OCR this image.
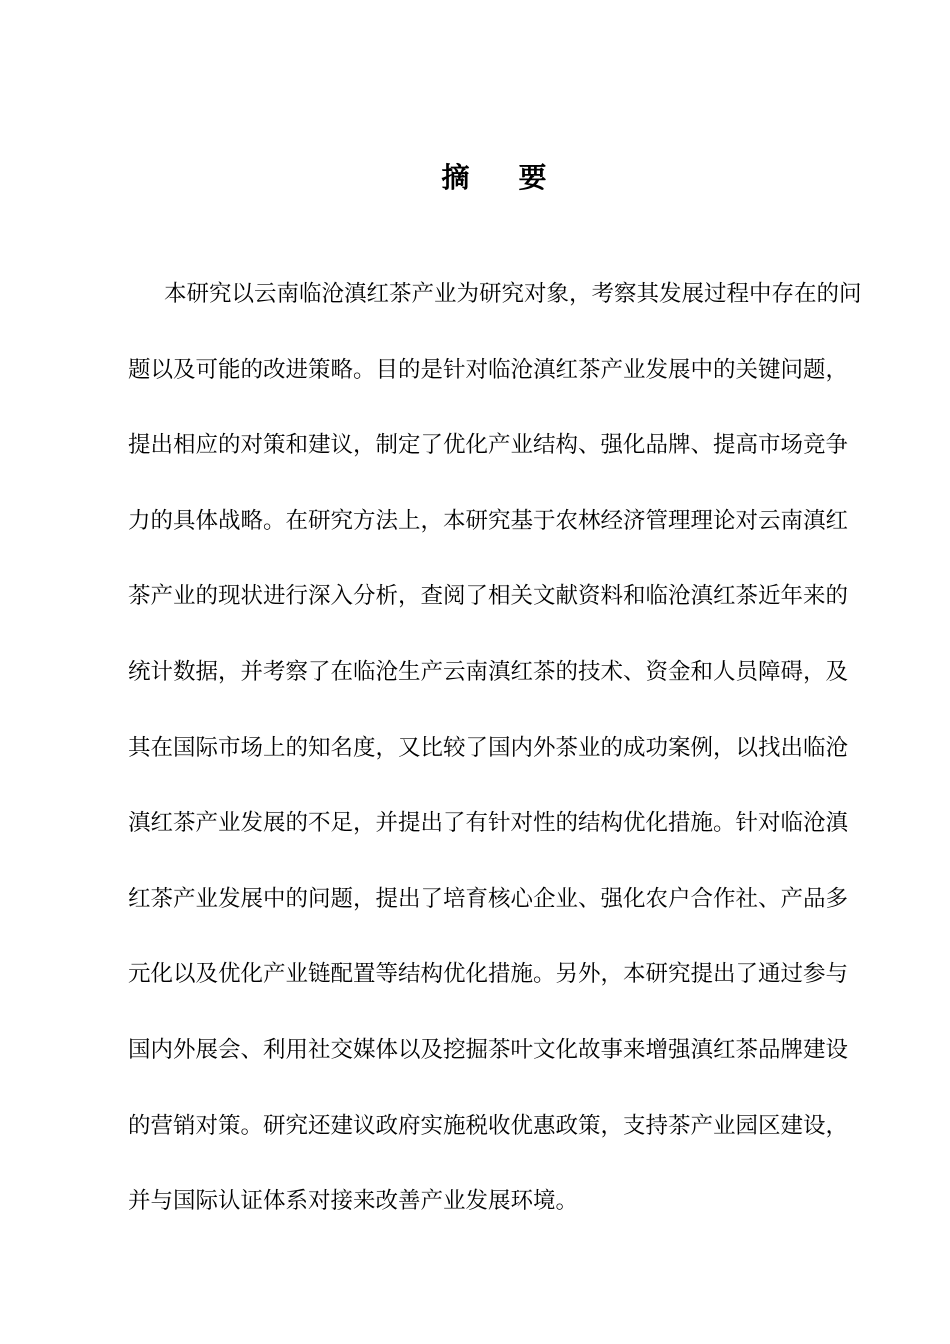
摘    要
本研究以云南临沧滇红茶产业为研究对象，考察其发展过程中存在的问
题以及可能的改进策略。目的是针对临沧滇红茶产业发展中的关键问题，
提出相应的对策和建议，制定了优化产业结构、强化品牌、提高市场竞争
力的具体战略。在研究方法上，本研究基于农林经济管理理论对云南滇红
茶产业的现状进行深入分析，查阅了相关文献资料和临沧滇红茶近年来的
统计数据，并考察了在临沧生产云南滇红茶的技术、资金和人员障碍，及
其在国际市场上的知名度，又比较了国内外茶业的成功案例，以找出临沧
滇红茶产业发展的不足，并提出了有针对性的结构优化措施。针对临沧滇
红茶产业发展中的问题，提出了培育核心企业、强化农户合作社、产品多
元化以及优化产业链配置等结构优化措施。另外，本研究提出了通过参与
国内外展会、利用社交媒体以及挖掘茶叶文化故事来增强滇红茶品牌建设
的营销对策。研究还建议政府实施税收优惠政策，支持茶产业园区建设，
并与国际认证体系对接来改善产业发展环境。
